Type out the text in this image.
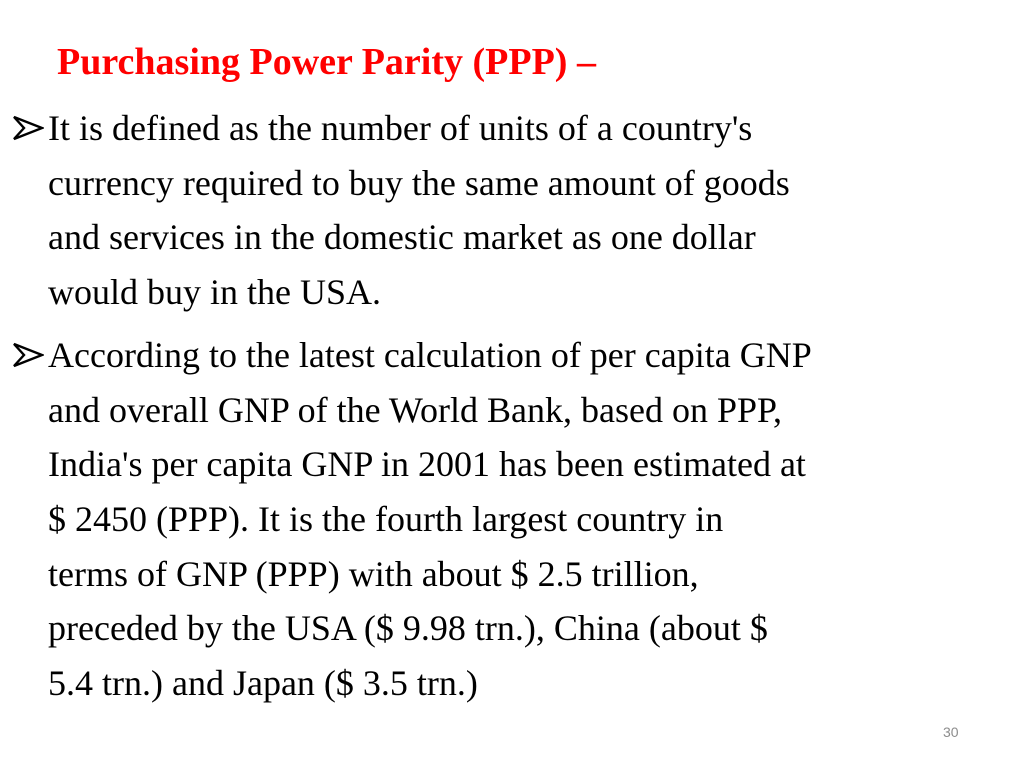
Purchasing Power Parity (PPP) –
It is defined as the number of units of a country's
currency required to buy the same amount of goods
and services in the domestic market as one dollar
would buy in the USA.
According to the latest calculation of per capita GNP
and overall GNP of the World Bank, based on PPP,
India's per capita GNP in 2001 has been estimated at
$ 2450 (PPP). It is the fourth largest country in
terms of GNP (PPP) with about $ 2.5 trillion,
preceded by the USA ($ 9.98 trn.), China (about $
5.4 trn.) and Japan ($ 3.5 trn.)
30
